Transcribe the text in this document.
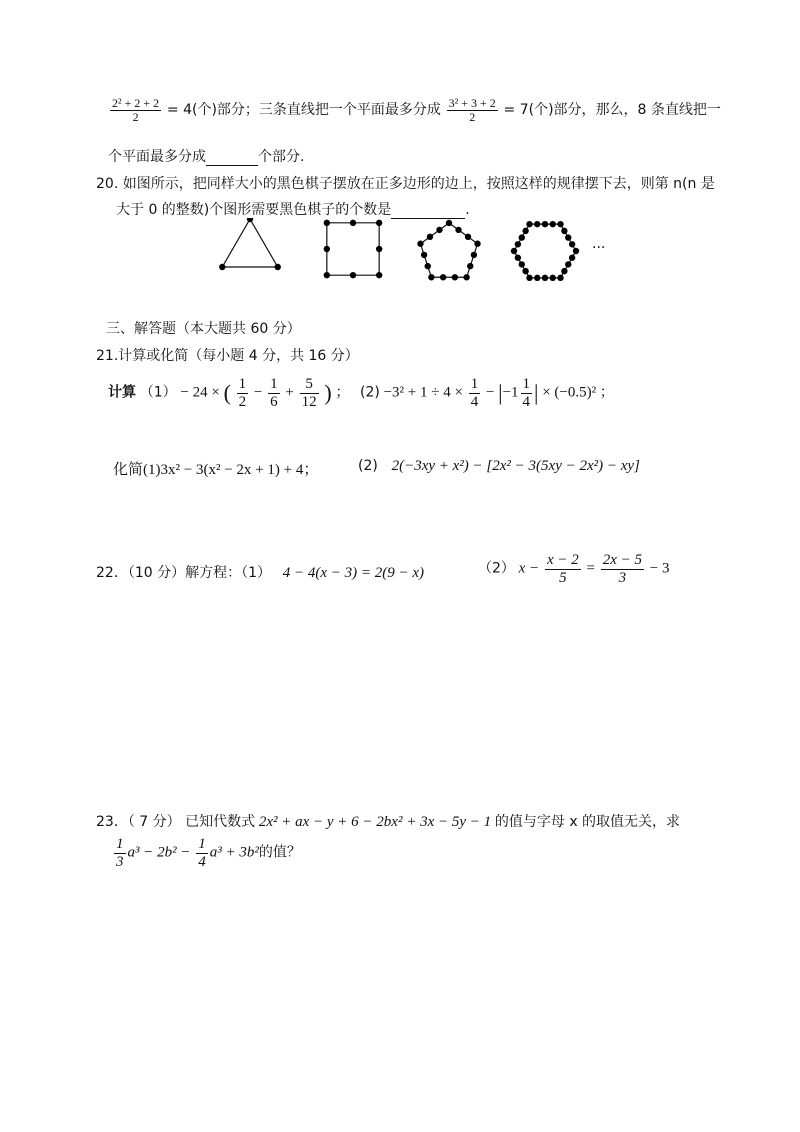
$\frac{\text{2² + 2 + 2}}{2} = 4$(个)部分；三条直线把一个平面最多分成 $\frac{\text{3² + 3 + 2}}{2} = 7$(个)部分，那么，8 条直线把一
个平面最多分成	个部分.
20. 如图所示，把同样大小的黑色棋子摆放在正多边形的边上，按照这样的规律摆下去，则第 n(n 是
大于 0 的整数)个图形需要黑色棋子的个数是	.
···
三、解答题（本大题共 60 分）
21.计算或化简（每小题 4 分，共 16 分）
计算 （1） − 24 × ( $\frac{1}{2} - \frac{1}{6} + \frac{5}{12}$ ) ； $(2) -3^2 + 1 \div 4 \times \frac{1}{4} - |-1 \frac{1}{4}$ | × (−0.5)² ；
化简(1)3x² − 3(x² − 2x + 1) + 4；	(2) 2(−3xy + x²) − [2x² − 3(5xy − 2x²) − xy]
22．（10 分）解方程：（1） 4 − 4(x − 3) = 2(9 − x)	（2） $x - \frac{x - 2}{5} = \frac{2x - 5}{3} - 3$
23．（ 7 分） 已知代数式 2x² + ax − y + 6 − 2bx² + 3x − 5y − 1 的值与字母 x 的取值无关，求
$\frac{1}{3} a^3 - 2b^2 - \frac{1}{4} a^3 + 3b^2$的值？
